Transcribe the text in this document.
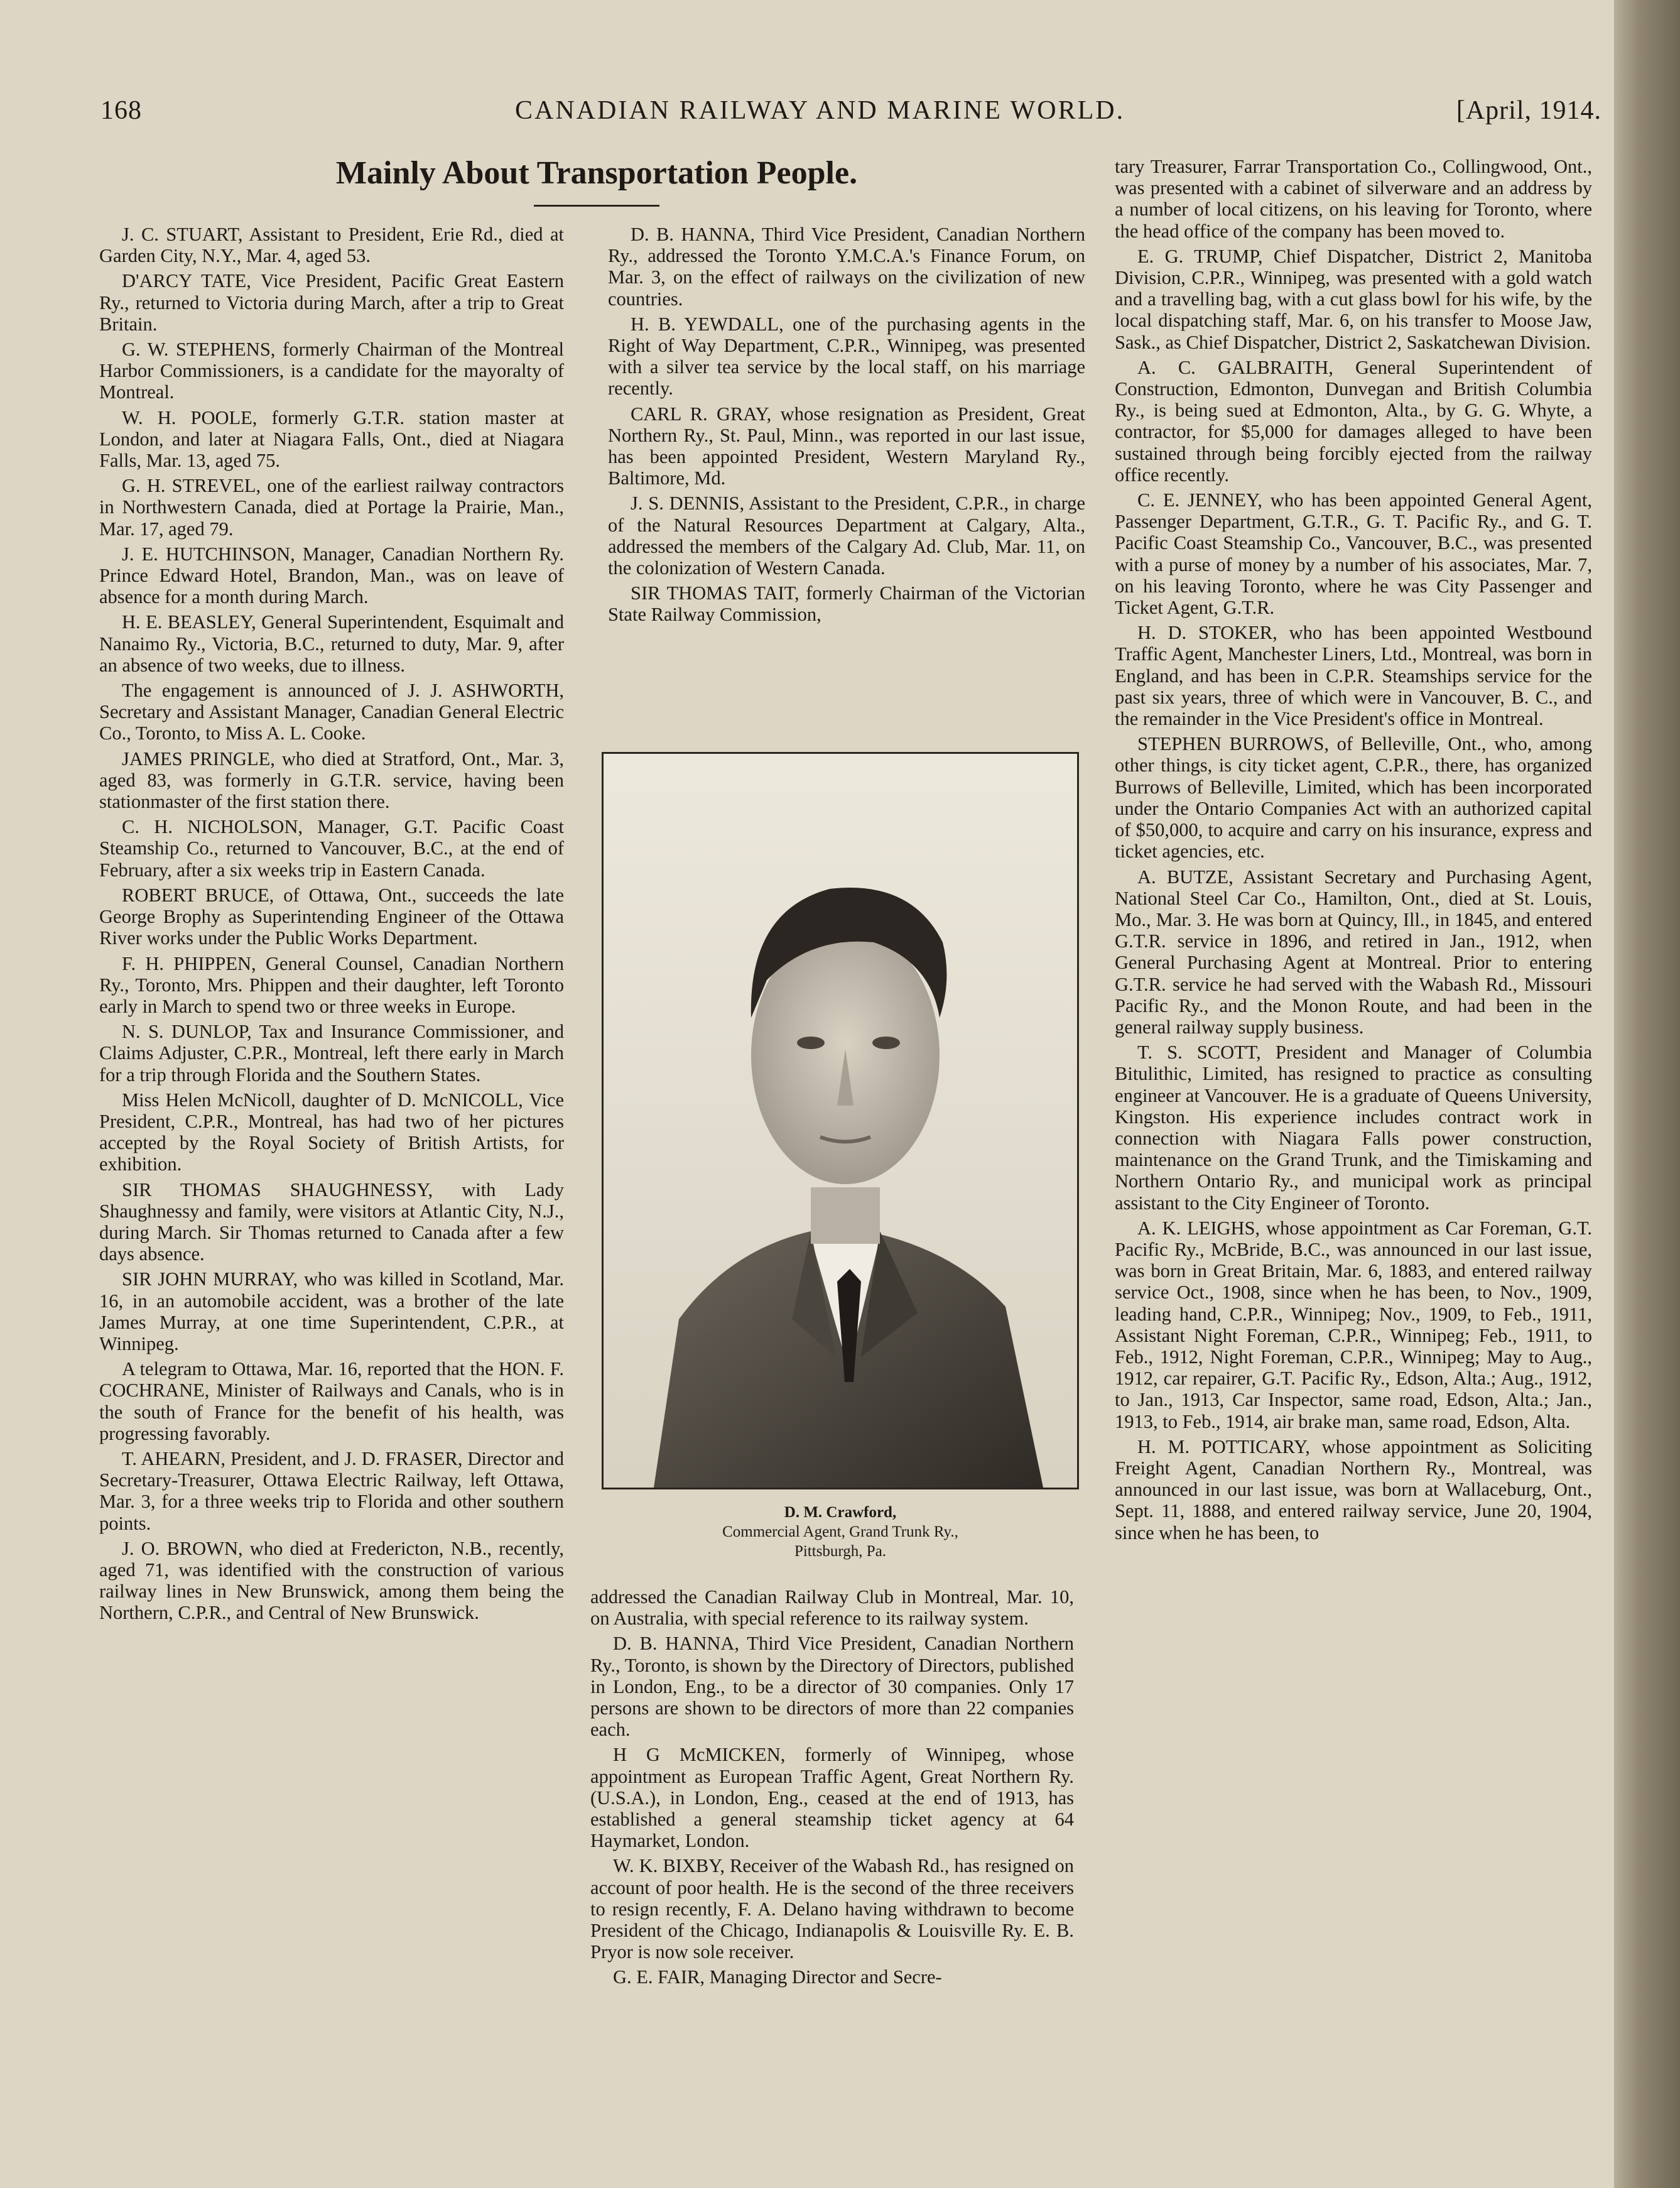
168	CANADIAN RAILWAY AND MARINE WORLD.	[April, 1914.
Mainly About Transportation People.

J. C. STUART, Assistant to President, Erie Rd., died at Garden City, N.Y., Mar. 4, aged 53.

D'ARCY TATE, Vice President, Pacific Great Eastern Ry., returned to Victoria during March, after a trip to Great Britain.

G. W. STEPHENS, formerly Chairman of the Montreal Harbor Commissioners, is a candidate for the mayoralty of Montreal.

W. H. POOLE, formerly G.T.R. station master at London, and later at Niagara Falls, Ont., died at Niagara Falls, Mar. 13, aged 75.

G. H. STREVEL, one of the earliest railway contractors in Northwestern Canada, died at Portage la Prairie, Man., Mar. 17, aged 79.

J. E. HUTCHINSON, Manager, Canadian Northern Ry. Prince Edward Hotel, Brandon, Man., was on leave of absence for a month during March.

H. E. BEASLEY, General Superintendent, Esquimalt and Nanaimo Ry., Victoria, B.C., returned to duty, Mar. 9, after an absence of two weeks, due to illness.

The engagement is announced of J. J. ASHWORTH, Secretary and Assistant Manager, Canadian General Electric Co., Toronto, to Miss A. L. Cooke.

JAMES PRINGLE, who died at Stratford, Ont., Mar. 3, aged 83, was formerly in G.T.R. service, having been stationmaster of the first station there.

C. H. NICHOLSON, Manager, G.T. Pacific Coast Steamship Co., returned to Vancouver, B.C., at the end of February, after a six weeks trip in Eastern Canada.

ROBERT BRUCE, of Ottawa, Ont., succeeds the late George Brophy as Superintending Engineer of the Ottawa River works under the Public Works Department.

F. H. PHIPPEN, General Counsel, Canadian Northern Ry., Toronto, Mrs. Phippen and their daughter, left Toronto early in March to spend two or three weeks in Europe.

N. S. DUNLOP, Tax and Insurance Commissioner, and Claims Adjuster, C.P.R., Montreal, left there early in March for a trip through Florida and the Southern States.

Miss Helen McNicoll, daughter of D. McNICOLL, Vice President, C.P.R., Montreal, has had two of her pictures accepted by the Royal Society of British Artists, for exhibition.

SIR THOMAS SHAUGHNESSY, with Lady Shaughnessy and family, were visitors at Atlantic City, N.J., during March. Sir Thomas returned to Canada after a few days absence.

SIR JOHN MURRAY, who was killed in Scotland, Mar. 16, in an automobile accident, was a brother of the late James Murray, at one time Superintendent, C.P.R., at Winnipeg.

A telegram to Ottawa, Mar. 16, reported that the HON. F. COCHRANE, Minister of Railways and Canals, who is in the south of France for the benefit of his health, was progressing favorably.

T. AHEARN, President, and J. D. FRASER, Director and Secretary-Treasurer, Ottawa Electric Railway, left Ottawa, Mar. 3, for a three weeks trip to Florida and other southern points.

J. O. BROWN, who died at Fredericton, N.B., recently, aged 71, was identified with the construction of various railway lines in New Brunswick, among them being the Northern, C.P.R., and Central of New Brunswick.

D. B. HANNA, Third Vice President, Canadian Northern Ry., addressed the Toronto Y.M.C.A.'s Finance Forum, on Mar. 3, on the effect of railways on the civilization of new countries.

H. B. YEWDALL, one of the purchasing agents in the Right of Way Department, C.P.R., Winnipeg, was presented with a silver tea service by the local staff, on his marriage recently.

CARL R. GRAY, whose resignation as President, Great Northern Ry., St. Paul, Minn., was reported in our last issue, has been appointed President, Western Maryland Ry., Baltimore, Md.

J. S. DENNIS, Assistant to the President, C.P.R., in charge of the Natural Resources Department at Calgary, Alta., addressed the members of the Calgary Ad. Club, Mar. 11, on the colonization of Western Canada.

SIR THOMAS TAIT, formerly Chairman of the Victorian State Railway Commission,

D. M. Crawford,
Commercial Agent, Grand Trunk Ry.,
Pittsburgh, Pa.

addressed the Canadian Railway Club in Montreal, Mar. 10, on Australia, with special reference to its railway system.

D. B. HANNA, Third Vice President, Canadian Northern Ry., Toronto, is shown by the Directory of Directors, published in London, Eng., to be a director of 30 companies. Only 17 persons are shown to be directors of more than 22 companies each.

H G McMICKEN, formerly of Winnipeg, whose appointment as European Traffic Agent, Great Northern Ry. (U.S.A.), in London, Eng., ceased at the end of 1913, has established a general steamship ticket agency at 64 Haymarket, London.

W. K. BIXBY, Receiver of the Wabash Rd., has resigned on account of poor health. He is the second of the three receivers to resign recently, F. A. Delano having withdrawn to become President of the Chicago, Indianapolis & Louisville Ry. E. B. Pryor is now sole receiver.

G. E. FAIR, Managing Director and Secre-

tary Treasurer, Farrar Transportation Co., Collingwood, Ont., was presented with a cabinet of silverware and an address by a number of local citizens, on his leaving for Toronto, where the head office of the company has been moved to.

E. G. TRUMP, Chief Dispatcher, District 2, Manitoba Division, C.P.R., Winnipeg, was presented with a gold watch and a travelling bag, with a cut glass bowl for his wife, by the local dispatching staff, Mar. 6, on his transfer to Moose Jaw, Sask., as Chief Dispatcher, District 2, Saskatchewan Division.

A. C. GALBRAITH, General Superintendent of Construction, Edmonton, Dunvegan and British Columbia Ry., is being sued at Edmonton, Alta., by G. G. Whyte, a contractor, for $5,000 for damages alleged to have been sustained through being forcibly ejected from the railway office recently.

C. E. JENNEY, who has been appointed General Agent, Passenger Department, G.T.R., G. T. Pacific Ry., and G. T. Pacific Coast Steamship Co., Vancouver, B.C., was presented with a purse of money by a number of his associates, Mar. 7, on his leaving Toronto, where he was City Passenger and Ticket Agent, G.T.R.

H. D. STOKER, who has been appointed Westbound Traffic Agent, Manchester Liners, Ltd., Montreal, was born in England, and has been in C.P.R. Steamships service for the past six years, three of which were in Vancouver, B. C., and the remainder in the Vice President's office in Montreal.

STEPHEN BURROWS, of Belleville, Ont., who, among other things, is city ticket agent, C.P.R., there, has organized Burrows of Belleville, Limited, which has been incorporated under the Ontario Companies Act with an authorized capital of $50,000, to acquire and carry on his insurance, express and ticket agencies, etc.

A. BUTZE, Assistant Secretary and Purchasing Agent, National Steel Car Co., Hamilton, Ont., died at St. Louis, Mo., Mar. 3. He was born at Quincy, Ill., in 1845, and entered G.T.R. service in 1896, and retired in Jan., 1912, when General Purchasing Agent at Montreal. Prior to entering G.T.R. service he had served with the Wabash Rd., Missouri Pacific Ry., and the Monon Route, and had been in the general railway supply business.

T. S. SCOTT, President and Manager of Columbia Bitulithic, Limited, has resigned to practice as consulting engineer at Vancouver. He is a graduate of Queens University, Kingston. His experience includes contract work in connection with Niagara Falls power construction, maintenance on the Grand Trunk, and the Timiskaming and Northern Ontario Ry., and municipal work as principal assistant to the City Engineer of Toronto.

A. K. LEIGHS, whose appointment as Car Foreman, G.T. Pacific Ry., McBride, B.C., was announced in our last issue, was born in Great Britain, Mar. 6, 1883, and entered railway service Oct., 1908, since when he has been, to Nov., 1909, leading hand, C.P.R., Winnipeg; Nov., 1909, to Feb., 1911, Assistant Night Foreman, C.P.R., Winnipeg; Feb., 1911, to Feb., 1912, Night Foreman, C.P.R., Winnipeg; May to Aug., 1912, car repairer, G.T. Pacific Ry., Edson, Alta.; Aug., 1912, to Jan., 1913, Car Inspector, same road, Edson, Alta.; Jan., 1913, to Feb., 1914, air brake man, same road, Edson, Alta.

H. M. POTTICARY, whose appointment as Soliciting Freight Agent, Canadian Northern Ry., Montreal, was announced in our last issue, was born at Wallaceburg, Ont., Sept. 11, 1888, and entered railway service, June 20, 1904, since when he has been, to
